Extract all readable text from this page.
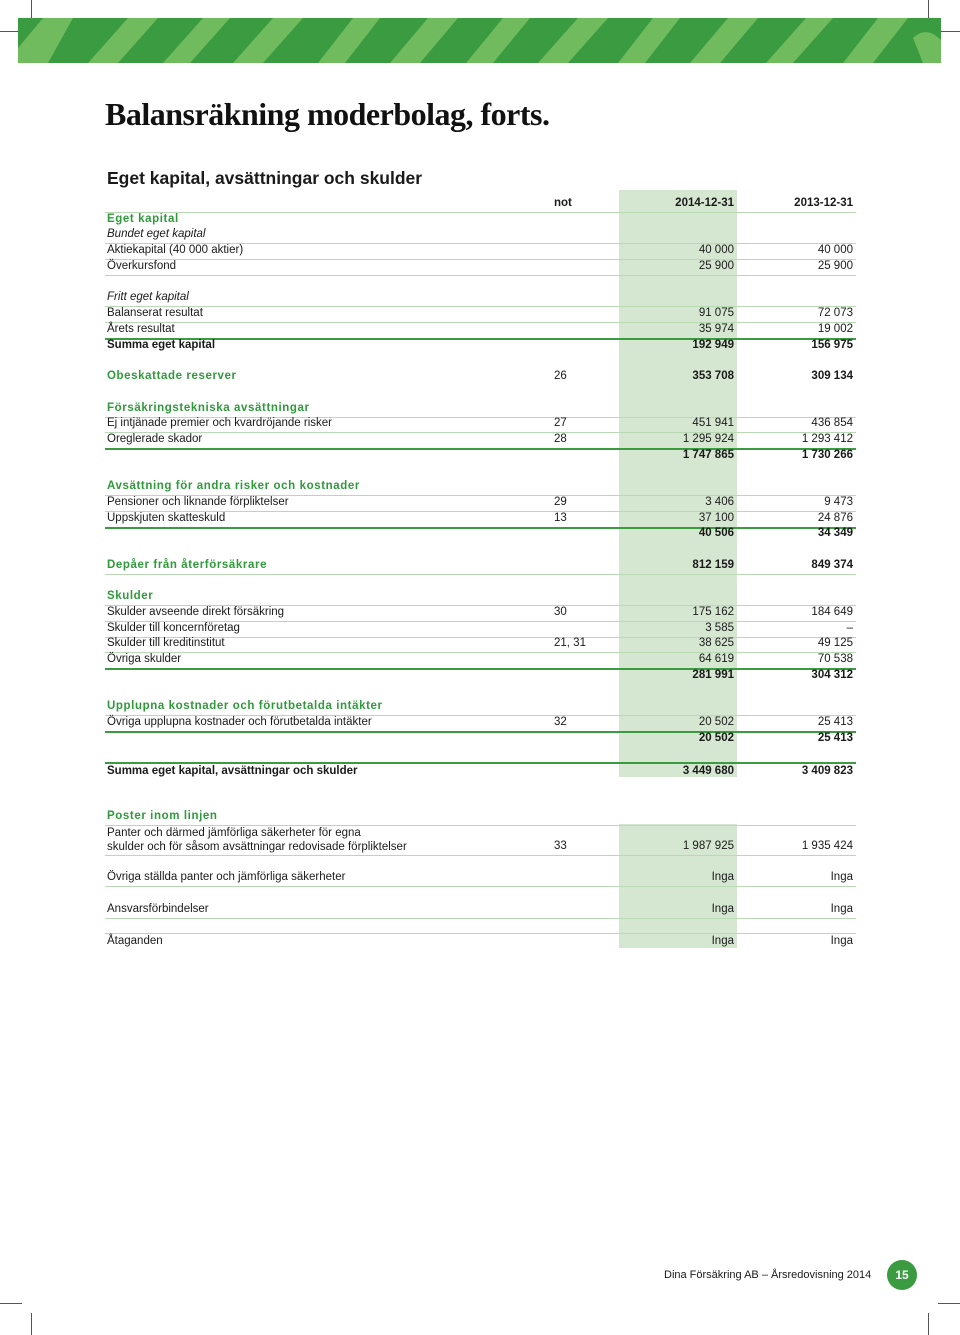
Balansräkning moderbolag, forts.
Eget kapital, avsättningar och skulder
not	2014-12-31	2013-12-31
Eget kapital
Bundet eget kapital
Aktiekapital (40 000 aktier)	40 000	40 000
Överkursfond	25 900	25 900
Fritt eget kapital
Balanserat resultat	91 075	72 073
Årets resultat	35 974	19 002
Summa eget kapital	192 949	156 975
Obeskattade reserver	26	353 708	309 134
Försäkringstekniska avsättningar
Ej intjänade premier och kvardröjande risker	27	451 941	436 854
Oreglerade skador	28	1 295 924	1 293 412
1 747 865	1 730 266
Avsättning för andra risker och kostnader
Pensioner och liknande förpliktelser	29	3 406	9 473
Uppskjuten skatteskuld	13	37 100	24 876
40 506	34 349
Depåer från återförsäkrare	812 159	849 374
Skulder
Skulder avseende direkt försäkring	30	175 162	184 649
Skulder till koncernföretag	3 585	–
Skulder till kreditinstitut	21, 31	38 625	49 125
Övriga skulder	64 619	70 538
281 991	304 312
Upplupna kostnader och förutbetalda intäkter
Övriga upplupna kostnader och förutbetalda intäkter	32	20 502	25 413
20 502	25 413
Summa eget kapital, avsättningar och skulder	3 449 680	3 409 823
Poster inom linjen
Panter och därmed jämförliga säkerheter för egna
skulder och för såsom avsättningar redovisade förpliktelser	33	1 987 925	1 935 424
Övriga ställda panter och jämförliga säkerheter	Inga	Inga
Ansvarsförbindelser	Inga	Inga
Åtaganden	Inga	Inga
Dina Försäkring AB – Årsredovisning 2014	15
